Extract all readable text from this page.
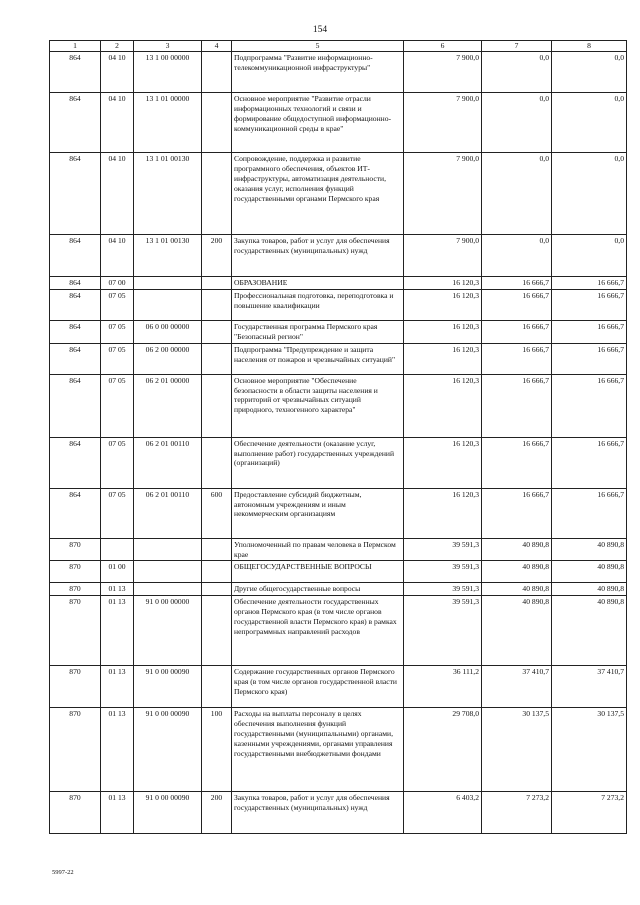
154
1	2	3	4	5	6	7	8
864	04 10	13 1 00 00000		Подпрограмма "Развитие информационно-телекоммуникационной инфраструктуры"	7 900,0	0,0	0,0
864	04 10	13 1 01 00000		Основное мероприятие "Развитие отрасли информационных технологий и связи и формирование общедоступной информационно-коммуникационной среды в крае"	7 900,0	0,0	0,0
864	04 10	13 1 01 00130		Сопровождение, поддержка и развитие программного обеспечения, объектов ИТ-инфраструктуры, автоматизация деятельности, оказания услуг, исполнения функций государственными органами Пермского края	7 900,0	0,0	0,0
864	04 10	13 1 01 00130	200	Закупка товаров, работ и услуг для обеспечения государственных (муниципальных) нужд	7 900,0	0,0	0,0
864	07 00			ОБРАЗОВАНИЕ	16 120,3	16 666,7	16 666,7
864	07 05			Профессиональная подготовка, переподготовка и повышение квалификации	16 120,3	16 666,7	16 666,7
864	07 05	06 0 00 00000		Государственная программа Пермского края "Безопасный регион"	16 120,3	16 666,7	16 666,7
864	07 05	06 2 00 00000		Подпрограмма "Предупреждение и защита населения от пожаров и чрезвычайных ситуаций"	16 120,3	16 666,7	16 666,7
864	07 05	06 2 01 00000		Основное мероприятие "Обеспечение безопасности в области защиты населения и территорий от чрезвычайных ситуаций природного, техногенного характера"	16 120,3	16 666,7	16 666,7
864	07 05	06 2 01 00110		Обеспечение деятельности (оказание услуг, выполнение работ) государственных учреждений (организаций)	16 120,3	16 666,7	16 666,7
864	07 05	06 2 01 00110	600	Предоставление субсидий бюджетным, автономным учреждениям и иным некоммерческим организациям	16 120,3	16 666,7	16 666,7
870				Уполномоченный по правам человека в Пермском крае	39 591,3	40 890,8	40 890,8
870	01 00			ОБЩЕГОСУДАРСТВЕННЫЕ ВОПРОСЫ	39 591,3	40 890,8	40 890,8
870	01 13			Другие общегосударственные вопросы	39 591,3	40 890,8	40 890,8
870	01 13	91 0 00 00000		Обеспечение деятельности государственных органов Пермского края (в том числе органов государственной власти Пермского края) в рамках непрограммных направлений расходов	39 591,3	40 890,8	40 890,8
870	01 13	91 0 00 00090		Содержание государственных органов Пермского края (в том числе органов государственной власти Пермского края)	36 111,2	37 410,7	37 410,7
870	01 13	91 0 00 00090	100	Расходы на выплаты персоналу в целях обеспечения выполнения функций государственными (муниципальными) органами, казенными учреждениями, органами управления государственными внебюджетными фондами	29 708,0	30 137,5	30 137,5
870	01 13	91 0 00 00090	200	Закупка товаров, работ и услуг для обеспечения государственных (муниципальных) нужд	6 403,2	7 273,2	7 273,2
5997-22
